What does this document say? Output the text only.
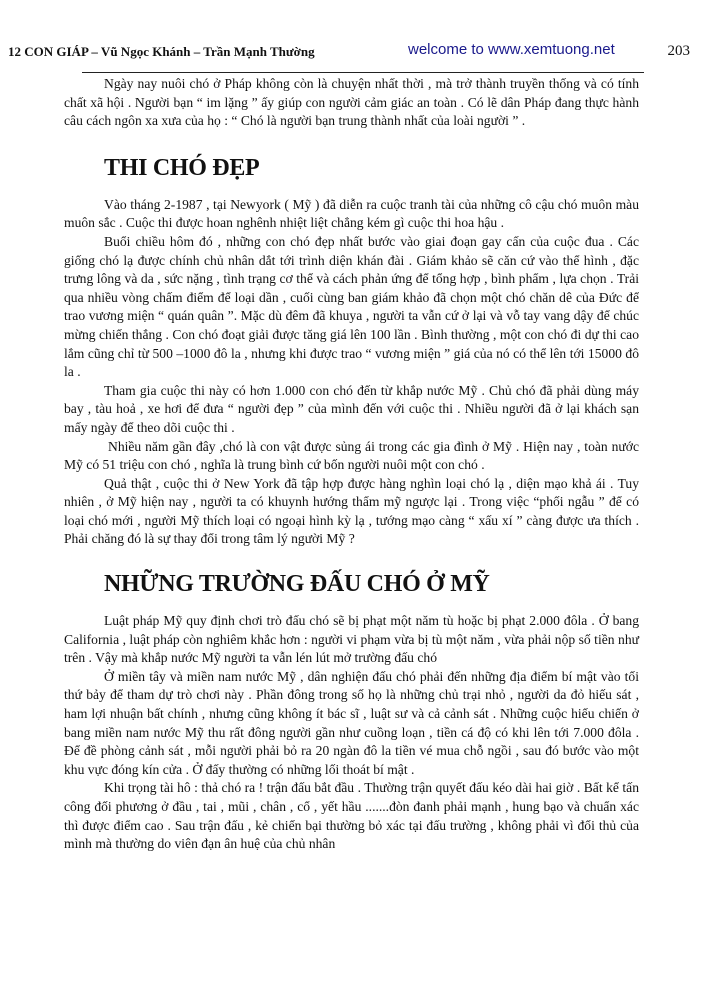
12 CON GIÁP – Vũ Ngọc Khánh – Trần Mạnh Thường	welcome to www.xemtuong.net	203

Ngày nay nuôi chó ở Pháp không còn là chuyện nhất thời , mà trở thành truyền thống và có tính chất xã hội . Người bạn “ im lặng ” ấy giúp con người cảm giác an toàn . Có lẽ dân Pháp đang thực hành câu cách ngôn xa xưa của họ : “ Chó là người bạn trung thành nhất của loài người ” .

THI CHÓ ĐẸP

Vào tháng 2-1987 , tại Newyork ( Mỹ ) đã diễn ra cuộc tranh tài của những cô cậu chó muôn màu muôn sắc . Cuộc thi được hoan nghênh nhiệt liệt chẳng kém gì cuộc thi hoa hậu .

Buổi chiều hôm đó , những con chó đẹp nhất bước vào giai đoạn gay cấn của cuộc đua . Các giống chó lạ được chính chủ nhân dắt tới trình diện khán đài . Giám khảo sẽ căn cứ vào thể hình , đặc trưng lông và da , sức nặng , tình trạng cơ thể và cách phản ứng để tổng hợp , bình phẩm , lựa chọn . Trải qua nhiều vòng chấm điểm để loại dần , cuối cùng ban giám khảo đã chọn một chó chăn dê của Đức để trao vương miện “ quán quân ”. Mặc dù đêm đã khuya , người ta vẫn cứ ở lại và vỗ tay vang dậy để chúc mừng chiến thắng . Con chó đoạt giải được tăng giá lên 100 lần . Bình thường , một con chó đi dự thi cao lắm cũng chỉ từ 500 –1000 đô la , nhưng khi được trao “ vương miện ” giá của nó có thể lên tới 15000 đô la .

Tham gia cuộc thi này có hơn 1.000 con chó đến từ khắp nước Mỹ . Chủ chó đã phải dùng máy bay , tàu hoả , xe hơi để đưa “ người đẹp ” của mình đến với cuộc thi . Nhiều người đã ở lại khách sạn mấy ngày để theo dõi cuộc thi .

Nhiều năm gần đây ,chó là con vật được sủng ái trong các gia đình ở Mỹ . Hiện nay , toàn nước Mỹ có 51 triệu con chó , nghĩa là trung bình cứ bốn người nuôi một con chó .

Quả thật , cuộc thi ở New York đã tập hợp được hàng nghìn loại chó lạ , diện mạo khả ái . Tuy nhiên , ở Mỹ hiện nay , người ta có khuynh hướng thẩm mỹ ngược lại . Trong việc “phối ngẫu ” để có loại chó mới , người Mỹ thích loại có ngoại hình kỳ lạ , tướng mạo càng “ xấu xí ” càng được ưa thích . Phải chăng đó là sự thay đổi trong tâm lý người Mỹ ?

NHỮNG TRƯỜNG ĐẤU CHÓ Ở MỸ

Luật pháp Mỹ quy định chơi trò đấu chó sẽ bị phạt một năm tù hoặc bị phạt 2.000 đôla . Ở bang California , luật pháp còn nghiêm khắc hơn : người vi phạm vừa bị tù một năm , vừa phải nộp số tiền như trên . Vậy mà khắp nước Mỹ người ta vẫn lén lút mở trường đấu chó

Ở miền tây và miền nam nước Mỹ , dân nghiện đấu chó phải đến những địa điểm bí mật vào tối thứ bảy để tham dự trò chơi này . Phần đông trong số họ là những chủ trại nhỏ , người da đỏ hiếu sát , ham lợi nhuận bất chính , nhưng cũng không ít bác sĩ , luật sư và cả cảnh sát . Những cuộc hiếu chiến ở bang miền nam nước Mỹ thu rất đông người gần như cuồng loạn , tiền cá độ có khi lên tới 7.000 đôla . Để đề phòng cảnh sát , mỗi người phải bỏ ra 20 ngàn đô la tiền vé mua chỗ ngồi , sau đó bước vào một khu vực đóng kín cửa . Ở đấy thường có những lối thoát bí mật .

Khi trọng tài hô : thả chó ra ! trận đấu bắt đầu . Thường trận quyết đấu kéo dài hai giờ . Bất kể tấn công đối phương ở đầu , tai , mũi , chân , cổ , yết hầu .......đòn đanh phải mạnh , hung bạo và chuẩn xác thì được điểm cao . Sau trận đấu , kẻ chiến bại thường bỏ xác tại đấu trường , không phải vì đối thủ của mình mà thường do viên đạn ân huệ của chủ nhân
